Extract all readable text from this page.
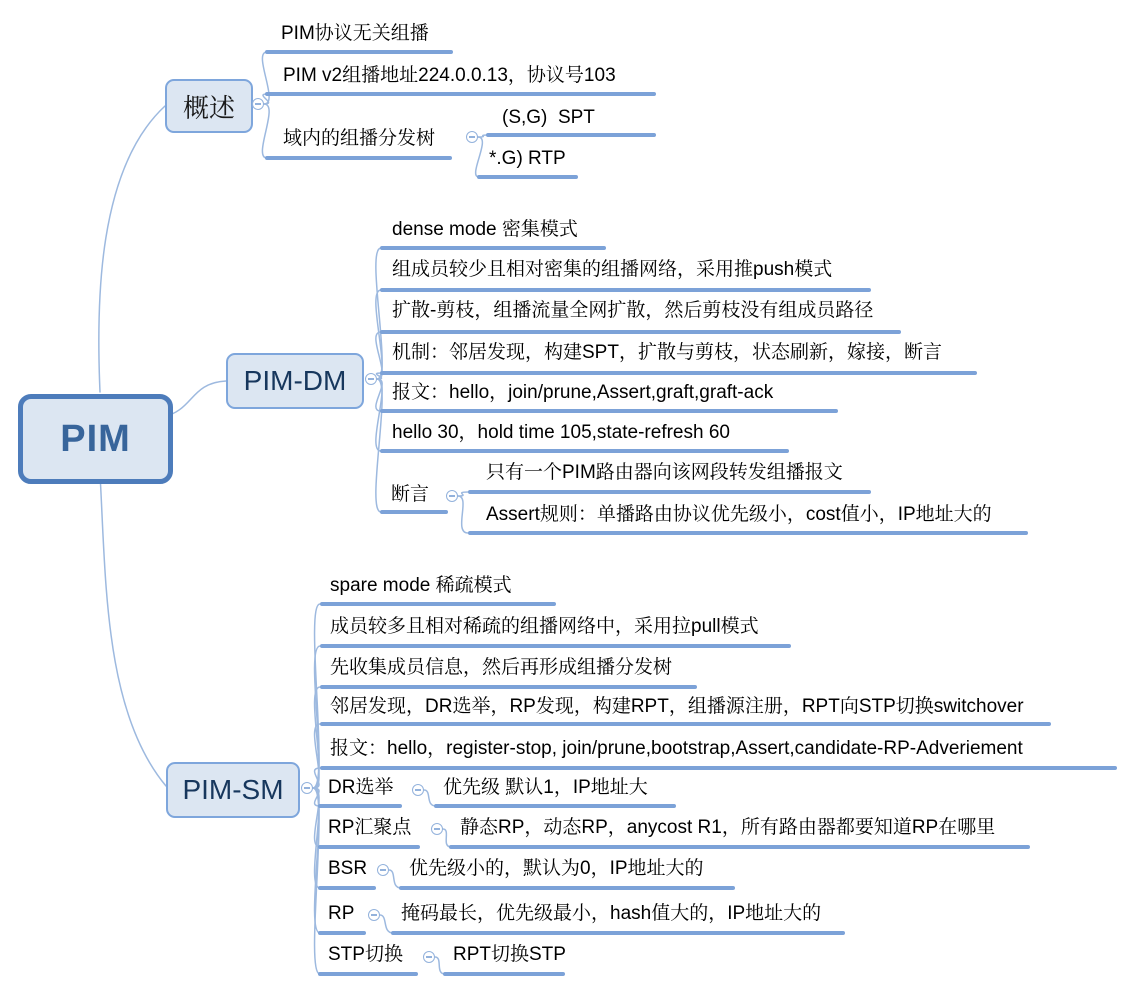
PIM
概述
PIM-DM
PIM-SM
PIM协议无关组播
PIM v2组播地址224.0.0.13，协议号103
域内的组播分发树
(S,G)  SPT
*.G) RTP
dense mode 密集模式
组成员较少且相对密集的组播网络，采用推push模式
扩散-剪枝，组播流量全网扩散，然后剪枝没有组成员路径
机制：邻居发现，构建SPT，扩散与剪枝，状态刷新，嫁接，断言
报文：hello，join/prune,Assert,graft,graft-ack
hello 30，hold time 105,state-refresh 60
断言
只有一个PIM路由器向该网段转发组播报文
Assert规则：单播路由协议优先级小，cost值小，IP地址大的
spare mode 稀疏模式
成员较多且相对稀疏的组播网络中，采用拉pull模式
先收集成员信息，然后再形成组播分发树
邻居发现，DR选举，RP发现，构建RPT，组播源注册，RPT向STP切换switchover
报文：hello，register-stop, join/prune,bootstrap,Assert,candidate-RP-Adveriement
DR选举	优先级 默认1，IP地址大
RP汇聚点	静态RP，动态RP，anycost R1，所有路由器都要知道RP在哪里
BSR 优先级小的，默认为0，IP地址大的
RP 掩码最长，优先级最小，hash值大的，IP地址大的
STP切换	RPT切换STP
